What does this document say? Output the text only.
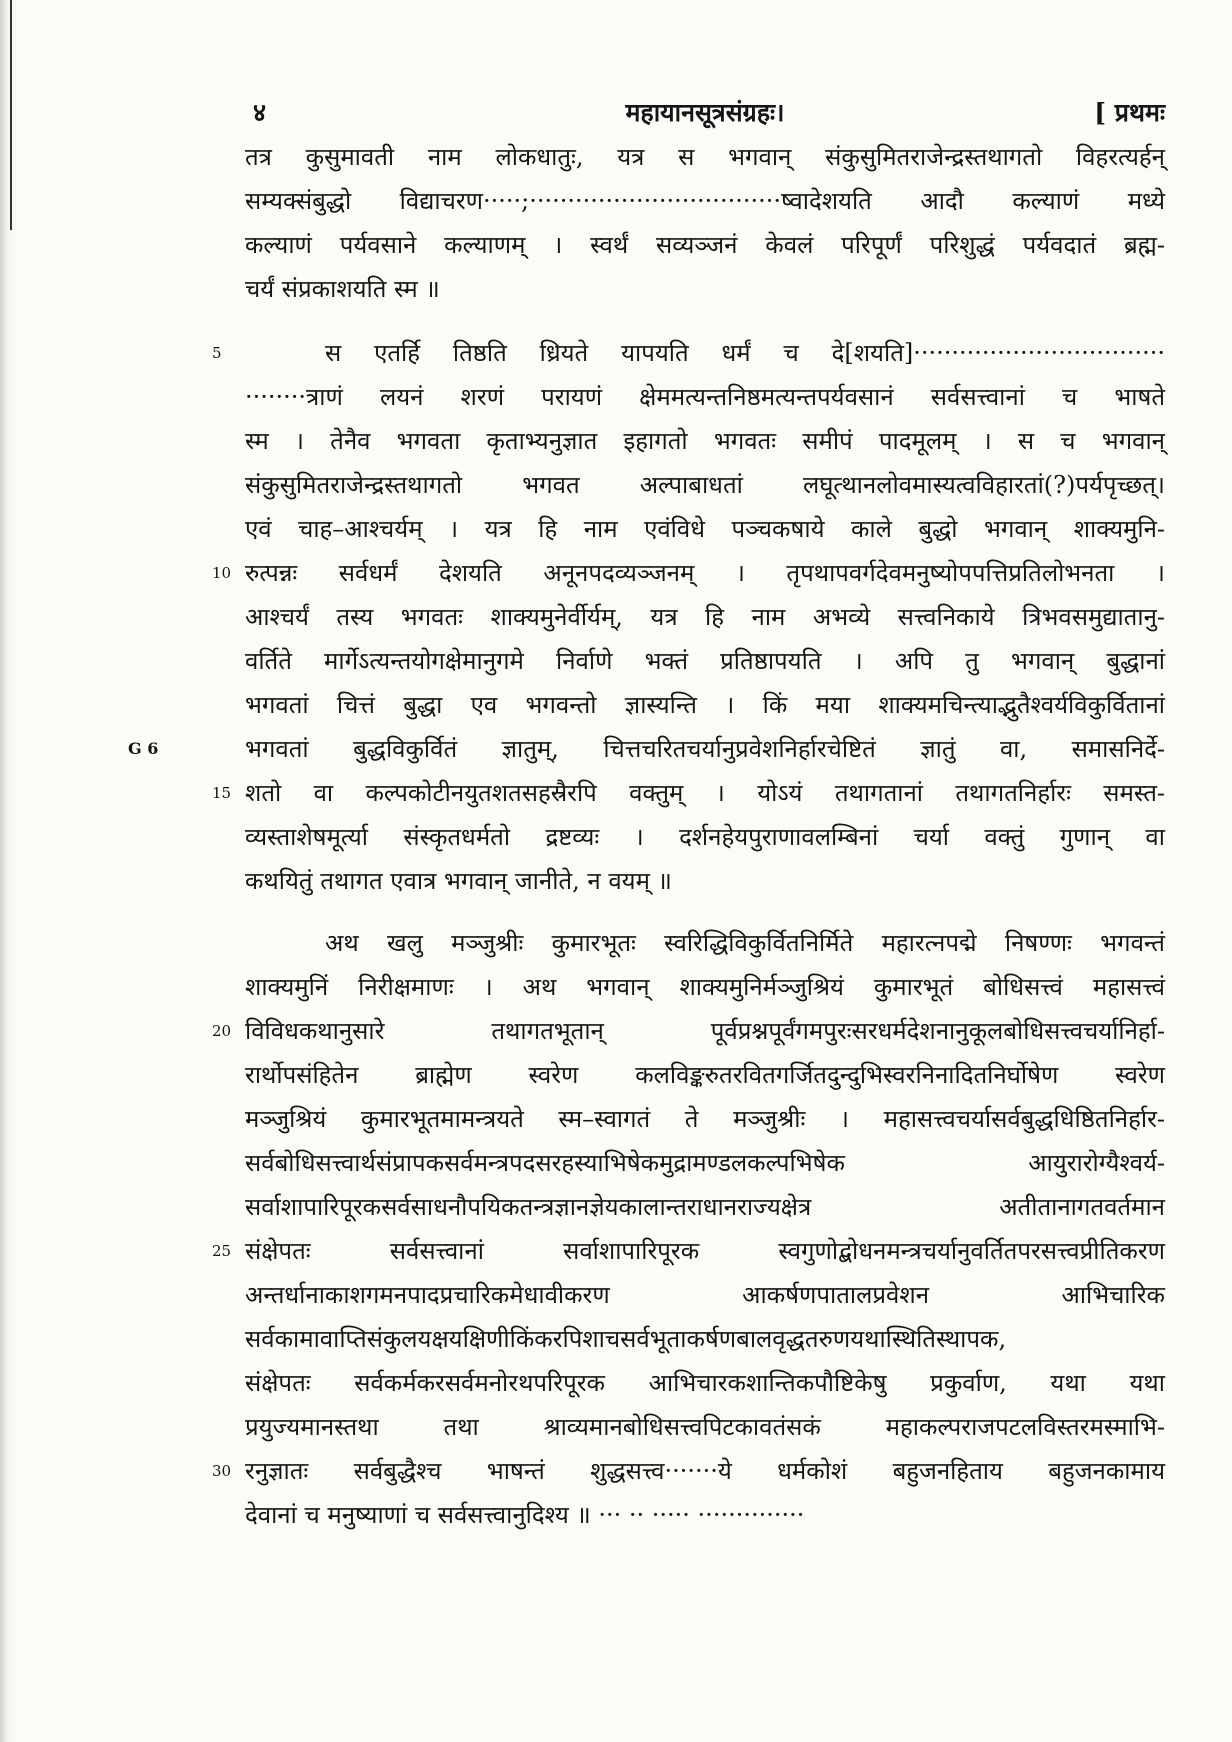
४	महायानसूत्रसंग्रहः।	[ प्रथमः
तत्र कुसुमावती नाम लोकधातुः, यत्र स भगवान् संकुसुमितराजेन्द्रस्तथागतो विहरत्यर्हन्
सम्यक्संबुद्धो विद्याचरण·····;·································ष्वादेशयति आदौ कल्याणं मध्ये
कल्याणं पर्यवसाने कल्याणम् । स्वर्थं सव्यञ्जनं केवलं परिपूर्णं परिशुद्धं पर्यवदातं ब्रह्म-
चर्यं संप्रकाशयति स्म ॥
5	स एतर्हि तिष्ठति ध्रियते यापयति धर्मं च दे[शयति]·································
········त्राणं लयनं शरणं परायणं क्षेममत्यन्तनिष्ठमत्यन्तपर्यवसानं सर्वसत्त्वानां च भाषते
स्म । तेनैव भगवता कृताभ्यनुज्ञात इहागतो भगवतः समीपं पादमूलम् । स च भगवान्
संकुसुमितराजेन्द्रस्तथागतो भगवत अल्पाबाधतां लघूत्थानलोवमास्यत्वविहारतां(?)पर्यपृच्छत्।
एवं चाह–आश्चर्यम् । यत्र हि नाम एवंविधे पञ्चकषाये काले बुद्धो भगवान् शाक्यमुनि-
10 रुत्पन्नः सर्वधर्मं देशयति अनूनपदव्यञ्जनम् । तृपथापवर्गदेवमनुष्योपपत्तिप्रतिलोभनता ।
आश्चर्यं तस्य भगवतः शाक्यमुनेर्वीर्यम्, यत्र हि नाम अभव्ये सत्त्वनिकाये त्रिभवसमुद्यातानु-
वर्तिते मार्गेऽत्यन्तयोगक्षेमानुगमे निर्वाणे भक्तं प्रतिष्ठापयति । अपि तु भगवान् बुद्धानां
भगवतां चित्तं बुद्धा एव भगवन्तो ज्ञास्यन्ति । किं मया शाक्यमचिन्त्याद्भुतैश्वर्यविकुर्वितानां
G 6	भगवतां बुद्धविकुर्वितं ज्ञातुम्, चित्तचरितचर्यानुप्रवेशनिर्हारचेष्टितं ज्ञातुं वा, समासनिर्दे-
15 शतो वा कल्पकोटीनयुतशतसहस्रैरपि वक्तुम् । योऽयं तथागतानां तथागतनिर्हारः समस्त-
व्यस्ताशेषमूर्त्या संस्कृतधर्मतो द्रष्टव्यः । दर्शनहेयपुराणावलम्बिनां चर्या वक्तुं गुणान् वा
कथयितुं तथागत एवात्र भगवान् जानीते, न वयम् ॥
अथ खलु मञ्जुश्रीः कुमारभूतः स्वरिद्धिविकुर्वितनिर्मिते महारत्नपद्मे निषण्णः भगवन्तं
शाक्यमुनिं निरीक्षमाणः । अथ भगवान् शाक्यमुनिर्मञ्जुश्रियं कुमारभूतं बोधिसत्त्वं महासत्त्वं
20 विविधकथानुसारे तथागतभूतान् पूर्वप्रश्नपूर्वंगमपुरःसरधर्मदेशनानुकूलबोधिसत्त्वचर्यानिर्हा-
रार्थोपसंहितेन ब्राह्मेण स्वरेण कलविङ्करुतरवितगर्जितदुन्दुभिस्वरनिनादितनिर्घोषेण स्वरेण
मञ्जुश्रियं कुमारभूतमामन्त्रयते स्म–स्वागतं ते मञ्जुश्रीः । महासत्त्वचर्यासर्वबुद्धधिष्ठितनिर्हार-
सर्वबोधिसत्त्वार्थसंप्रापकसर्वमन्त्रपदसरहस्याभिषेकमुद्रामण्डलकल्पभिषेक आयुरारोग्यैश्वर्य-
सर्वाशापारिपूरकसर्वसाधनौपयिकतन्त्रज्ञानज्ञेयकालान्तराधानराज्यक्षेत्र अतीतानागतवर्तमान
25 संक्षेपतः सर्वसत्त्वानां सर्वाशापारिपूरक स्वगुणोद्बोधनमन्त्रचर्यानुवर्तितपरसत्त्वप्रीतिकरण
अन्तर्धानाकाशगमनपादप्रचारिकमेधावीकरण आकर्षणपातालप्रवेशन आभिचारिक
सर्वकामावाप्तिसंकुलयक्षयक्षिणीकिंकरपिशाचसर्वभूताकर्षणबालवृद्धतरुणयथास्थितिस्थापक,
संक्षेपतः सर्वकर्मकरसर्वमनोरथपरिपूरक आभिचारकशान्तिकपौष्टिकेषु प्रकुर्वाण, यथा यथा
प्रयुज्यमानस्तथा तथा श्राव्यमानबोधिसत्त्वपिटकावतंसकं महाकल्पराजपटलविस्तरमस्माभि-
30 रनुज्ञातः सर्वबुद्धैश्च भाषन्तं शुद्धसत्त्व·······ये धर्मकोशं बहुजनहिताय बहुजनकामाय
देवानां च मनुष्याणां च सर्वसत्त्वानुदिश्य ॥ ··· ·· ····· ··············
